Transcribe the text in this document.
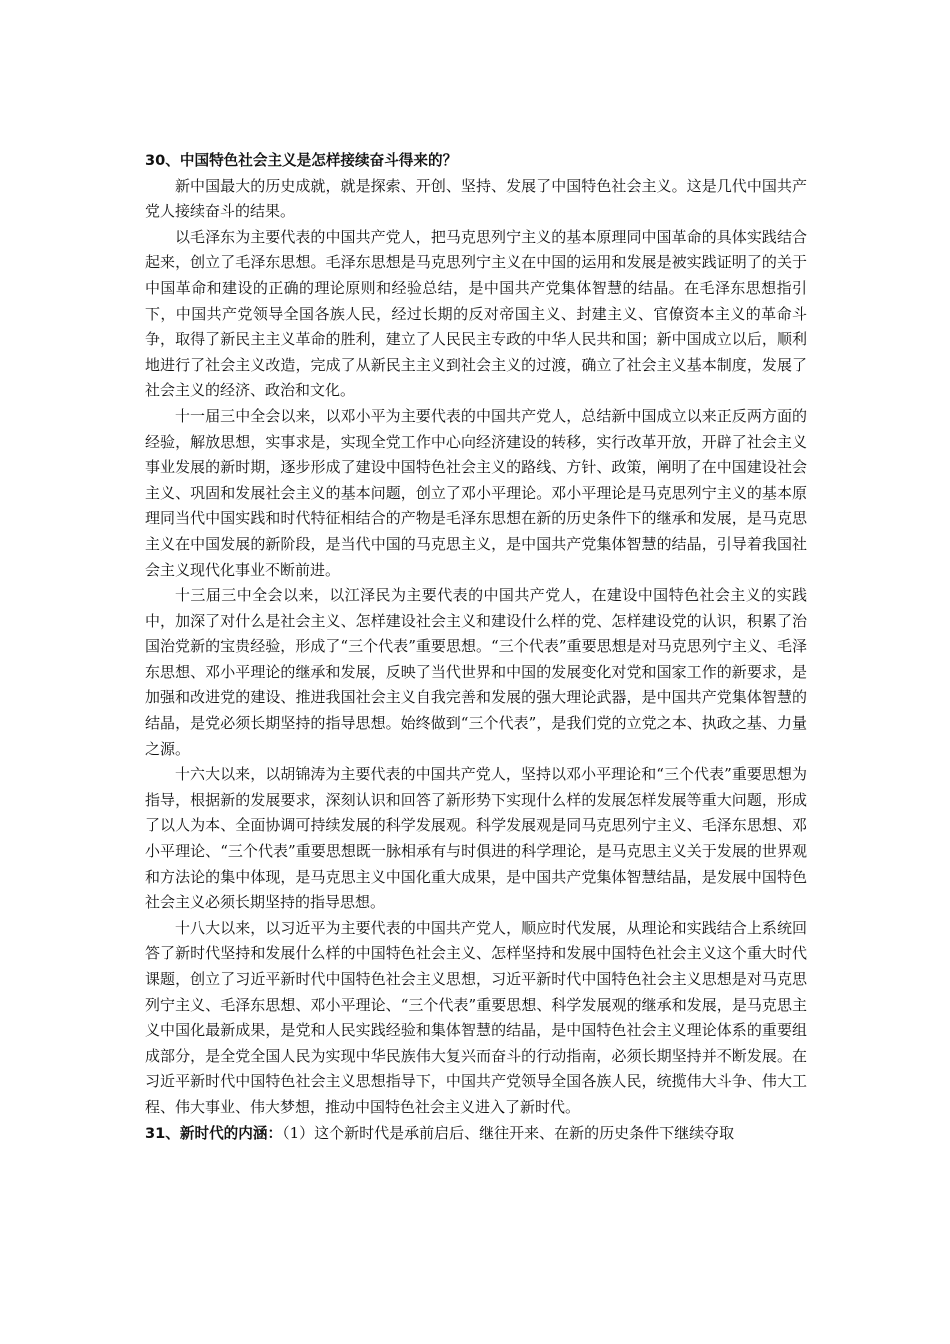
30、中国特色社会主义是怎样接续奋斗得来的？

新中国最大的历史成就，就是探索、开创、坚持、发展了中国特色社会主义。这是几代中国共产党人接续奋斗的结果。

以毛泽东为主要代表的中国共产党人，把马克思列宁主义的基本原理同中国革命的具体实践结合起来，创立了毛泽东思想。毛泽东思想是马克思列宁主义在中国的运用和发展是被实践证明了的关于中国革命和建设的正确的理论原则和经验总结，是中国共产党集体智慧的结晶。在毛泽东思想指引下，中国共产党领导全国各族人民，经过长期的反对帝国主义、封建主义、官僚资本主义的革命斗争，取得了新民主主义革命的胜利，建立了人民民主专政的中华人民共和国；新中国成立以后，顺利地进行了社会主义改造，完成了从新民主主义到社会主义的过渡，确立了社会主义基本制度，发展了社会主义的经济、政治和文化。

十一届三中全会以来，以邓小平为主要代表的中国共产党人，总结新中国成立以来正反两方面的经验，解放思想，实事求是，实现全党工作中心向经济建设的转移，实行改革开放，开辟了社会主义事业发展的新时期，逐步形成了建设中国特色社会主义的路线、方针、政策，阐明了在中国建设社会主义、巩固和发展社会主义的基本问题，创立了邓小平理论。邓小平理论是马克思列宁主义的基本原理同当代中国实践和时代特征相结合的产物是毛泽东思想在新的历史条件下的继承和发展，是马克思主义在中国发展的新阶段，是当代中国的马克思主义，是中国共产党集体智慧的结晶，引导着我国社会主义现代化事业不断前进。

十三届三中全会以来，以江泽民为主要代表的中国共产党人，在建设中国特色社会主义的实践中，加深了对什么是社会主义、怎样建设社会主义和建设什么样的党、怎样建设党的认识，积累了治国治党新的宝贵经验，形成了“三个代表”重要思想。“三个代表”重要思想是对马克思列宁主义、毛泽东思想、邓小平理论的继承和发展，反映了当代世界和中国的发展变化对党和国家工作的新要求，是加强和改进党的建设、推进我国社会主义自我完善和发展的强大理论武器，是中国共产党集体智慧的结晶，是党必须长期坚持的指导思想。始终做到“三个代表”，是我们党的立党之本、执政之基、力量之源。

十六大以来，以胡锦涛为主要代表的中国共产党人，坚持以邓小平理论和“三个代表”重要思想为指导，根据新的发展要求，深刻认识和回答了新形势下实现什么样的发展怎样发展等重大问题，形成了以人为本、全面协调可持续发展的科学发展观。科学发展观是同马克思列宁主义、毛泽东思想、邓小平理论、“三个代表”重要思想既一脉相承有与时俱进的科学理论，是马克思主义关于发展的世界观和方法论的集中体现，是马克思主义中国化重大成果，是中国共产党集体智慧结晶，是发展中国特色社会主义必须长期坚持的指导思想。

十八大以来，以习近平为主要代表的中国共产党人，顺应时代发展，从理论和实践结合上系统回答了新时代坚持和发展什么样的中国特色社会主义、怎样坚持和发展中国特色社会主义这个重大时代课题，创立了习近平新时代中国特色社会主义思想，习近平新时代中国特色社会主义思想是对马克思列宁主义、毛泽东思想、邓小平理论、“三个代表”重要思想、科学发展观的继承和发展，是马克思主义中国化最新成果，是党和人民实践经验和集体智慧的结晶，是中国特色社会主义理论体系的重要组成部分，是全党全国人民为实现中华民族伟大复兴而奋斗的行动指南，必须长期坚持并不断发展。在习近平新时代中国特色社会主义思想指导下，中国共产党领导全国各族人民，统揽伟大斗争、伟大工程、伟大事业、伟大梦想，推动中国特色社会主义进入了新时代。

31、新时代的内涵：（1）这个新时代是承前启后、继往开来、在新的历史条件下继续夺取
